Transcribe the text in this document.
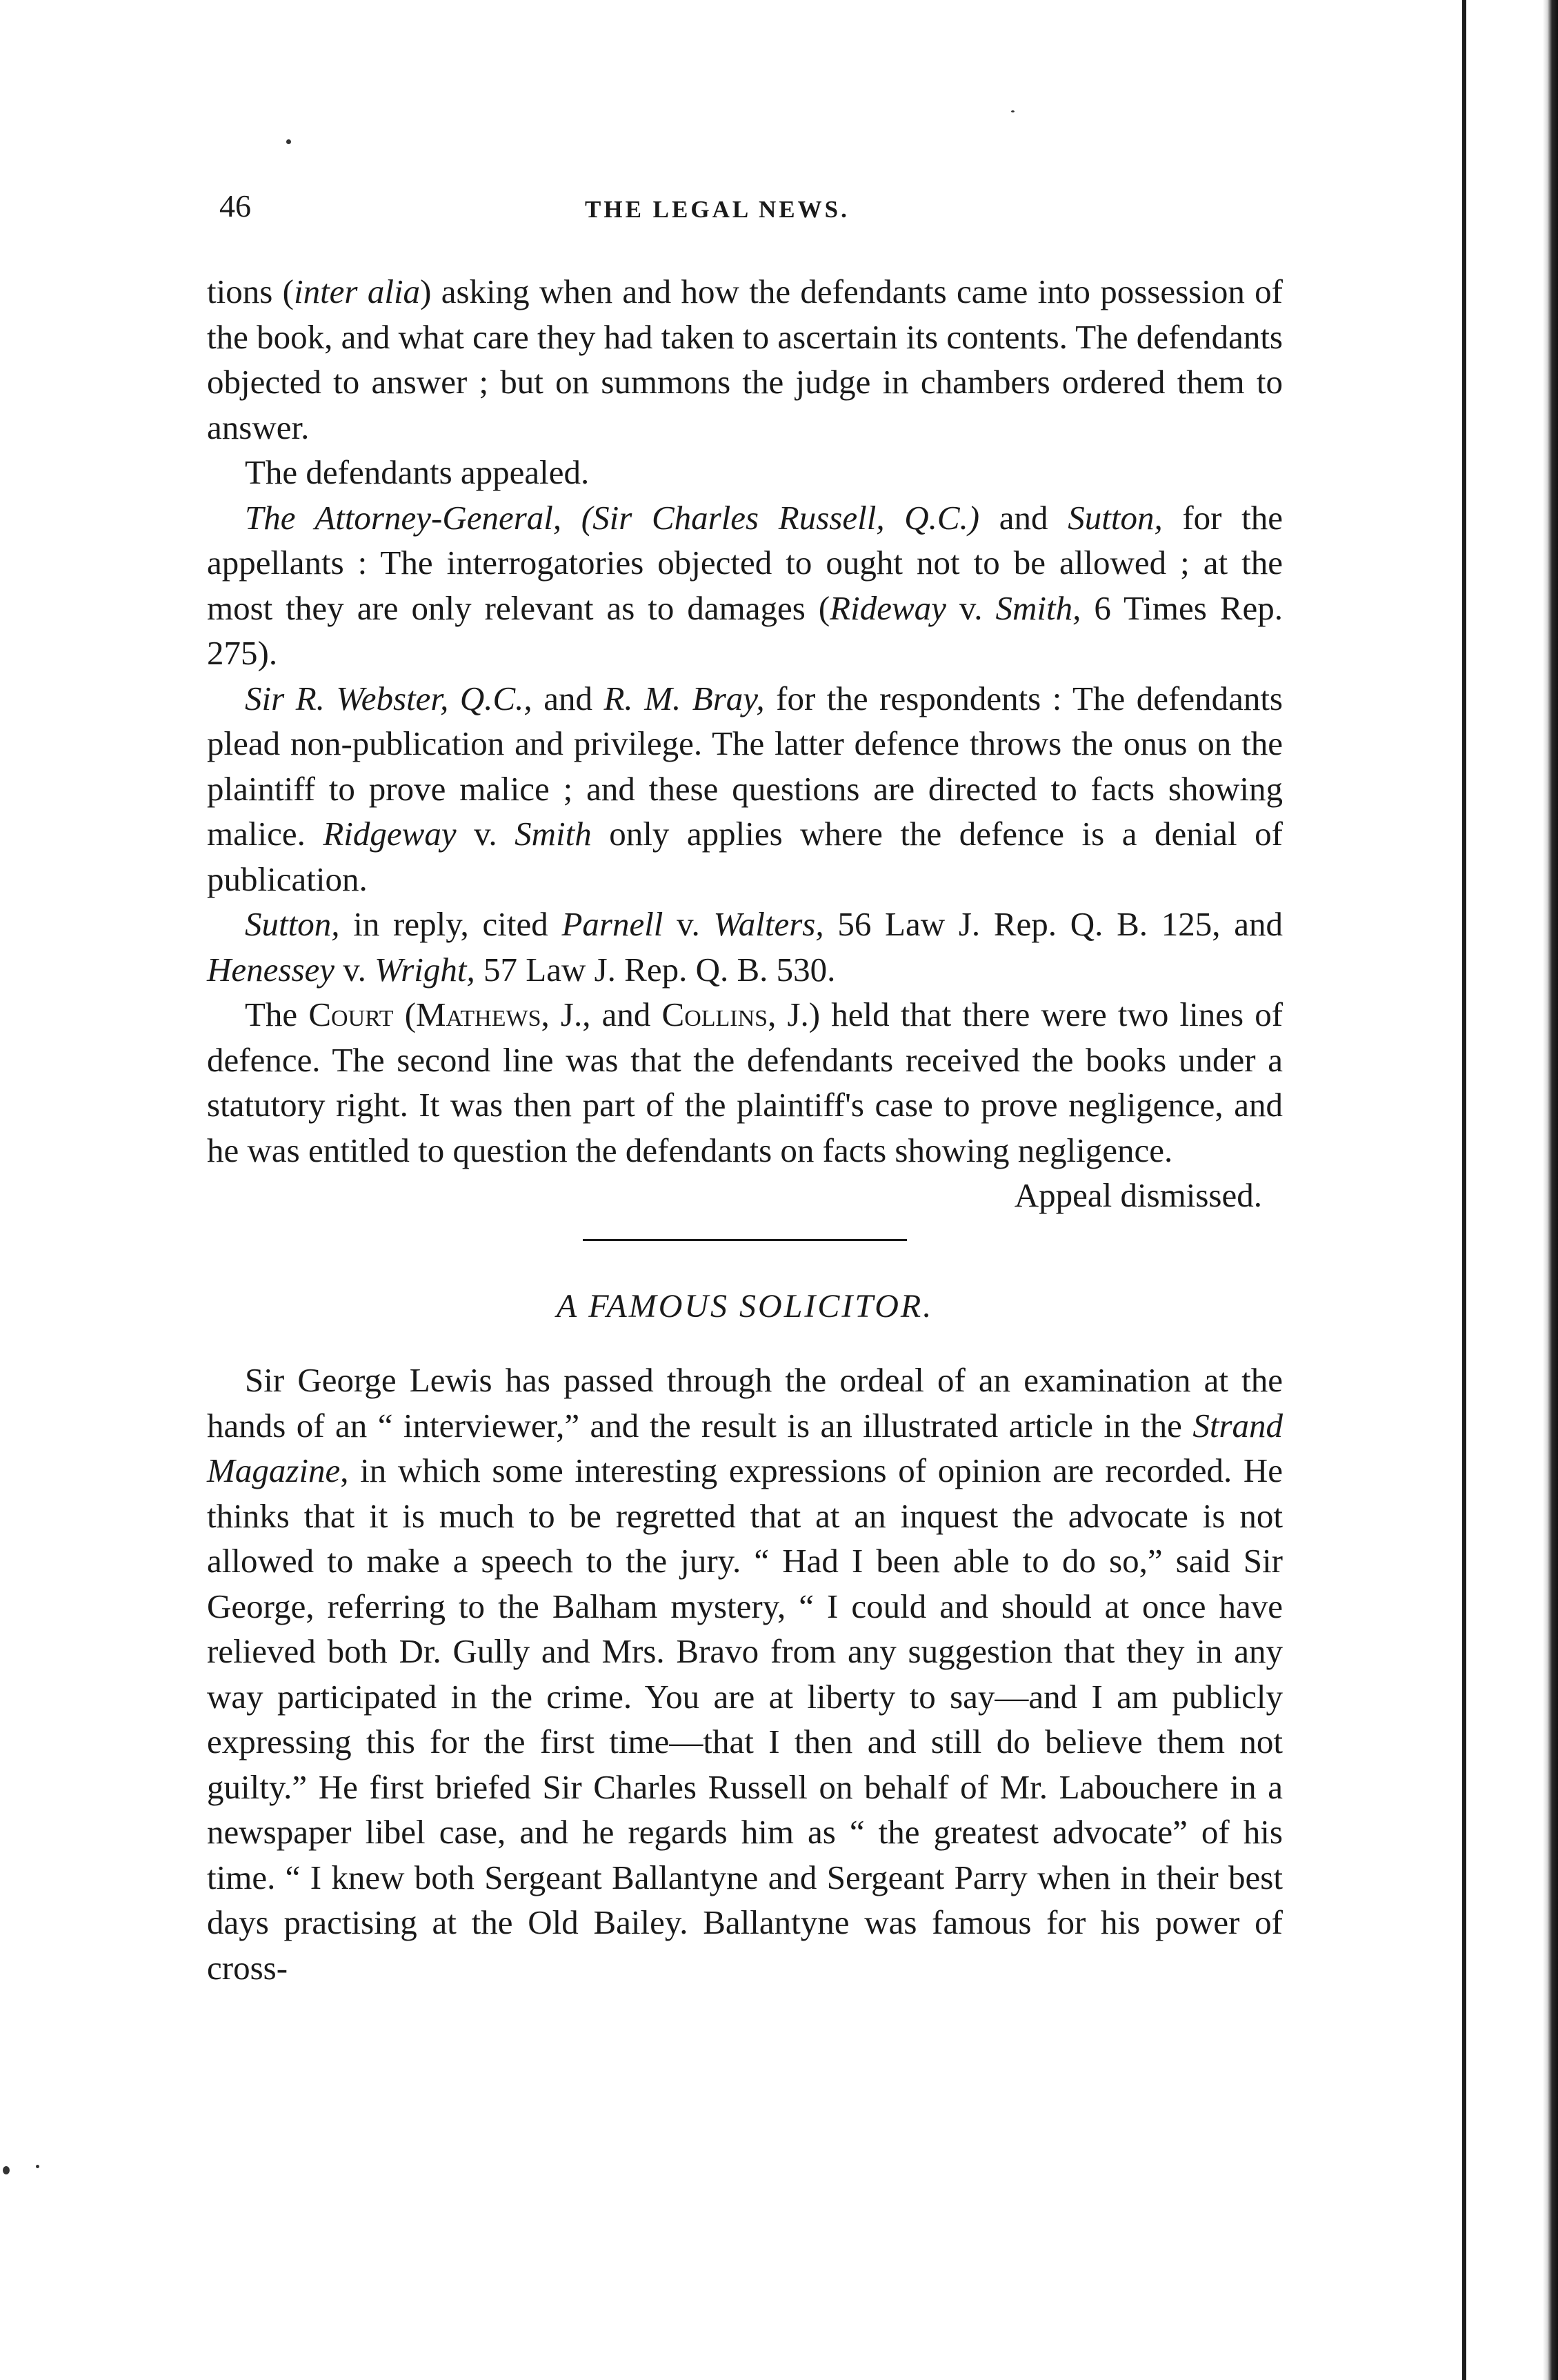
46	THE LEGAL NEWS.

tions (inter alia) asking when and how the defendants came into possession of the book, and what care they had taken to ascertain its contents. The defendants objected to answer ; but on summons the judge in chambers ordered them to answer.

The defendants appealed.

The Attorney-General, (Sir Charles Russell, Q.C.) and Sutton, for the appellants : The interrogatories objected to ought not to be allowed ; at the most they are only relevant as to damages (Rideway v. Smith, 6 Times Rep. 275).

Sir R. Webster, Q.C., and R. M. Bray, for the respondents : The defendants plead non-publication and privilege. The latter defence throws the onus on the plaintiff to prove malice ; and these questions are directed to facts showing malice. Ridgeway v. Smith only applies where the defence is a denial of publication.

Sutton, in reply, cited Parnell v. Walters, 56 Law J. Rep. Q. B. 125, and Henessey v. Wright, 57 Law J. Rep. Q. B. 530.

The Court (Mathews, J., and Collins, J.) held that there were two lines of defence. The second line was that the defendants received the books under a statutory right. It was then part of the plaintiff's case to prove negligence, and he was entitled to question the defendants on facts showing negligence.

Appeal dismissed.

A FAMOUS SOLICITOR.

Sir George Lewis has passed through the ordeal of an examination at the hands of an “ interviewer,” and the result is an illustrated article in the Strand Magazine, in which some interesting expressions of opinion are recorded. He thinks that it is much to be regretted that at an inquest the advocate is not allowed to make a speech to the jury. “ Had I been able to do so,” said Sir George, referring to the Balham mystery, “ I could and should at once have relieved both Dr. Gully and Mrs. Bravo from any suggestion that they in any way participated in the crime. You are at liberty to say—and I am publicly expressing this for the first time—that I then and still do believe them not guilty.” He first briefed Sir Charles Russell on behalf of Mr. Labouchere in a newspaper libel case, and he regards him as “ the greatest advocate” of his time. “ I knew both Sergeant Ballantyne and Sergeant Parry when in their best days practising at the Old Bailey. Ballantyne was famous for his power of cross-
